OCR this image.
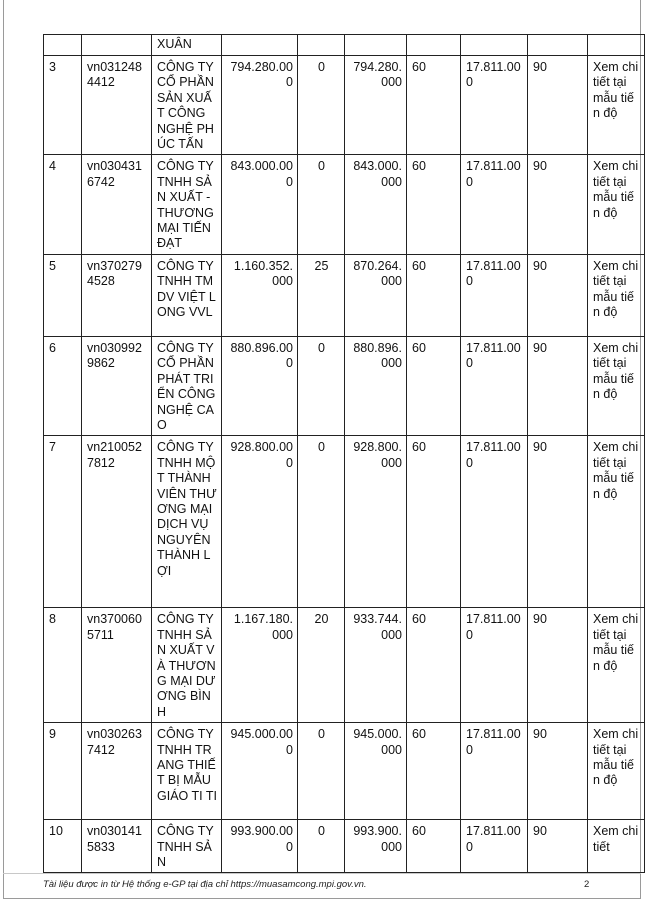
		XUÂN							
3	vn0312484412	CÔNG TY CỔ PHẦN SẢN XUẤT CÔNG NGHỆ PHÚC TẤN	794.280.000	0	794.280.000	60	17.811.000	90	Xem chi tiết tại mẫu tiến độ
4	vn0304316742	CÔNG TY TNHH SẢN XUẤT - THƯƠNG MẠI TIẾN ĐẠT	843.000.000	0	843.000.000	60	17.811.000	90	Xem chi tiết tại mẫu tiến độ
5	vn3702794528	CÔNG TY TNHH TM DV VIỆT LONG VVL	1.160.352.000	25	870.264.000	60	17.811.000	90	Xem chi tiết tại mẫu tiến độ
6	vn0309929862	CÔNG TY CỔ PHẦN PHÁT TRIỂN CÔNG NGHỆ CAO	880.896.000	0	880.896.000	60	17.811.000	90	Xem chi tiết tại mẫu tiến độ
7	vn2100527812	CÔNG TY TNHH MỘT THÀNH VIÊN THƯƠNG MẠI DỊCH VỤ NGUYÊN THÀNH LỢI	928.800.000	0	928.800.000	60	17.811.000	90	Xem chi tiết tại mẫu tiến độ
8	vn3700605711	CÔNG TY TNHH SẢN XUẤT VÀ THƯƠNG MẠI DƯƠNG BÌNH	1.167.180.000	20	933.744.000	60	17.811.000	90	Xem chi tiết tại mẫu tiến độ
9	vn0302637412	CÔNG TY TNHH TRANG THIẾT BỊ MẪU GIÁO TI TI	945.000.000	0	945.000.000	60	17.811.000	90	Xem chi tiết tại mẫu tiến độ
10	vn0301415833	CÔNG TY TNHH SẢN	993.900.000	0	993.900.000	60	17.811.000	90	Xem chi tiết
Tài liệu được in từ Hệ thống e-GP tại địa chỉ https://muasamcong.mpi.gov.vn.	2
